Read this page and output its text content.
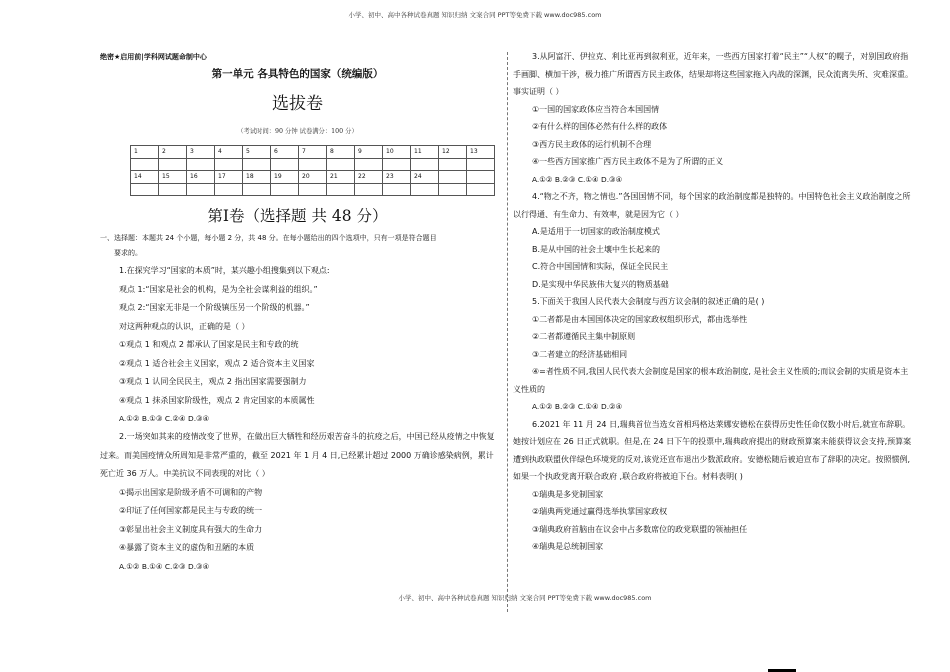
小学、初中、高中各种试卷真题 知识归纳 文案合同 PPT等免费下载 www.doc985.com
绝密★启用前|学科网试题命制中心
第一单元 各具特色的国家（统编版）
选拔卷
（考试时间：90 分钟 试卷满分：100 分）
1	2	3	4	5	6	7	8	9	10	11	12	13

14	15	16	17	18	19	20	21	22	23	24		

第Ⅰ卷（选择题 共 48 分）
一、选择题：本题共 24 个小题，每小题 2 分，共 48 分。在每小题给出的四个选项中，只有一项是符合题目
要求的。

1.在探究学习“国家的本质”时，某兴趣小组搜集到以下观点:

观点 1:“国家是社会的机构，是为全社会谋利益的组织。”

观点 2:“国家无非是一个阶级镇压另一个阶级的机器。”

对这两种观点的认识，正确的是（ ）

①观点 1 和观点 2 都承认了国家是民主和专政的统

②观点 1 适合社会主义国家，观点 2 适合资本主义国家

③观点 1 认同全民民主，观点 2 指出国家需要强制力

④观点 1 抹杀国家阶级性，观点 2 肯定国家的本质属性

A.①② B.①③ C.②④ D.③④

2.一场突如其来的疫情改变了世界，在做出巨大牺牲和经历艰苦奋斗的抗疫之后，中国已经从疫情之中恢复过来。而美国疫情众所周知是非常严重的，截至 2021 年 1 月 4 日,已经累计超过 2000 万确诊感染病例，累计死亡近 36 万人。中美抗议不同表现的对比（ ）

①揭示出国家是阶级矛盾不可调和的产物

②印证了任何国家都是民主与专政的统一

③彰显出社会主义制度具有强大的生命力

④暴露了资本主义的虚伪和丑陋的本质

A.①② B.①④ C.②③ D.③④

3.从阿富汗、伊拉克、利比亚再到叙利亚，近年来，一些西方国家打着“民主”“人权”的幌子，对别国政府指手画脚、横加干涉，极力推广所谓西方民主政体，结果却将这些国家拖入内战的深渊，民众流离失所、灾难深重。事实证明（ ）

①一国的国家政体应当符合本国国情

②有什么样的国体必然有什么样的政体

③西方民主政体的运行机制不合理

④一些西方国家推广西方民主政体不是为了所谓的正义

A.①② B.②③ C.①④ D.③④

4.“物之不齐，物之情也.”各国国情不同，每个国家的政治制度都是独特的。中国特色社会主义政治制度之所以行得通、有生命力、有效率，就是因为它（ ）

A.是适用于一切国家的政治制度模式

B.是从中国的社会土壤中生长起来的

C.符合中国国情和实际，保证全民民主

D.是实现中华民族伟大复兴的物质基础

5.下面关于我国人民代表大会制度与西方议会制的叙述正确的是( )

①二者都是由本国国体决定的国家政权组织形式，都由选举性

②二者都遵循民主集中制原则

③二者建立的经济基础相同

④=者性质不同,我国人民代表大会制度是国家的根本政治制度, 是社会主义性质的;而议会制的实质是资本主义性质的

A.①② B.②③ C.①④ D.②④

6.2021 年 11 月 24 日,瑞典首位当选女首相玛格达莱娜安德松在获得历史性任命仅数小时后,就宣布辞职。她按计划应在 26 日正式就职。但是,在 24 日下午的投票中,瑞典政府提出的财政预算案未能获得议会支持,预算案遭到执政联盟伙伴绿色环境党的反对,该党还宣布退出少数派政府。安德松随后被迫宣布了辞职的决定。按照惯例,如果一个执政党离开联合政府 ,联合政府将被迫下台。材料表明( )

①瑞典是多党制国家

②瑞典两党通过赢得选举执掌国家政权

③瑞典政府首脑由在议会中占多数席位的政党联盟的领袖担任

④瑞典是总统制国家

小学、初中、高中各种试卷真题 知识归纳 文案合同 PPT等免费下载 www.doc985.com
